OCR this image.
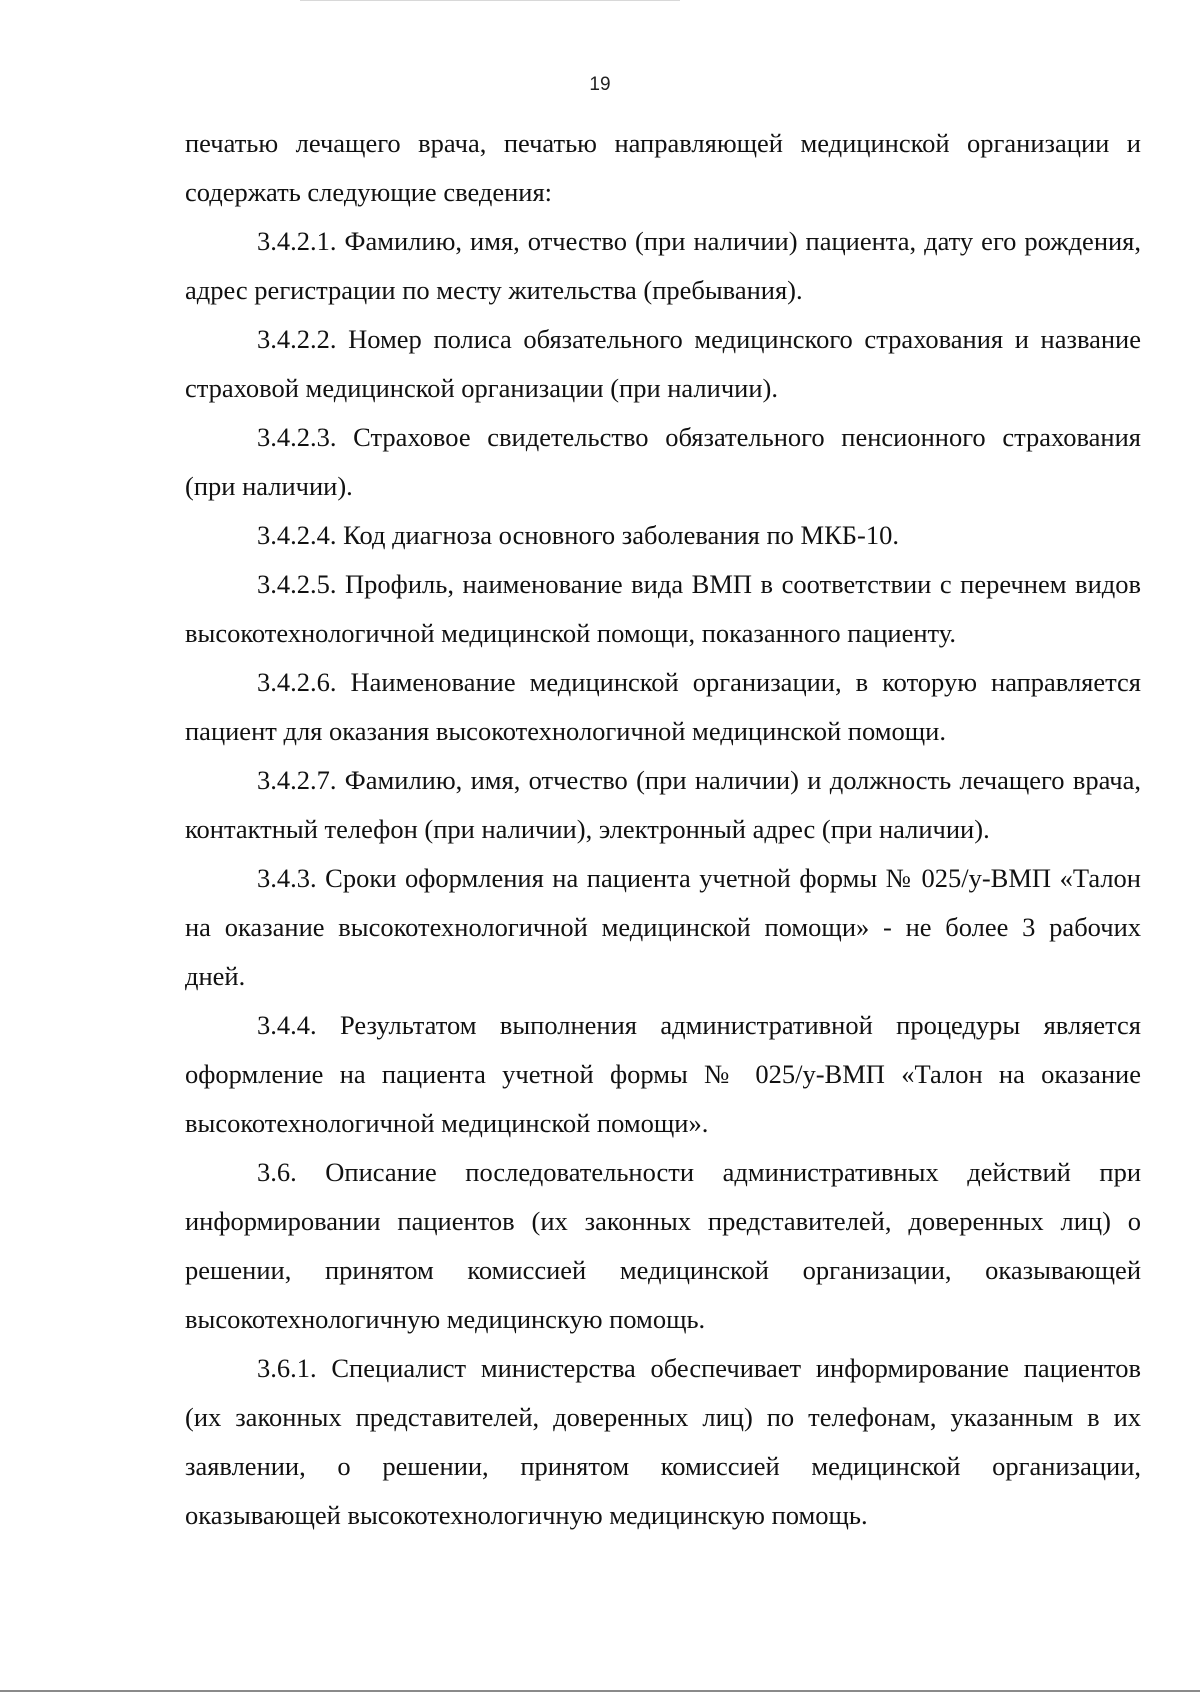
19

печатью лечащего врача, печатью направляющей медицинской организации и содержать следующие сведения:

3.4.2.1. Фамилию, имя, отчество (при наличии) пациента, дату его рождения, адрес регистрации по месту жительства (пребывания).

3.4.2.2. Номер полиса обязательного медицинского страхования и название страховой медицинской организации (при наличии).

3.4.2.3. Страховое свидетельство обязательного пенсионного страхования (при наличии).

3.4.2.4. Код диагноза основного заболевания по МКБ-10.

3.4.2.5. Профиль, наименование вида ВМП в соответствии с перечнем видов высокотехнологичной медицинской помощи, показанного пациенту.

3.4.2.6. Наименование медицинской организации, в которую направляется пациент для оказания высокотехнологичной медицинской помощи.

3.4.2.7. Фамилию, имя, отчество (при наличии) и должность лечащего врача, контактный телефон (при наличии), электронный адрес (при наличии).

3.4.3. Сроки оформления на пациента учетной формы № 025/у-ВМП «Талон на оказание высокотехнологичной медицинской помощи» - не более 3 рабочих дней.

3.4.4. Результатом выполнения административной процедуры является оформление на пациента учетной формы № 025/у-ВМП «Талон на оказание высокотехнологичной медицинской помощи».

3.6. Описание последовательности административных действий при информировании пациентов (их законных представителей, доверенных лиц) о решении, принятом комиссией медицинской организации, оказывающей высокотехнологичную медицинскую помощь.

3.6.1. Специалист министерства обеспечивает информирование пациентов (их законных представителей, доверенных лиц) по телефонам, указанным в их заявлении, о решении, принятом комиссией медицинской организации, оказывающей высокотехнологичную медицинскую помощь.
